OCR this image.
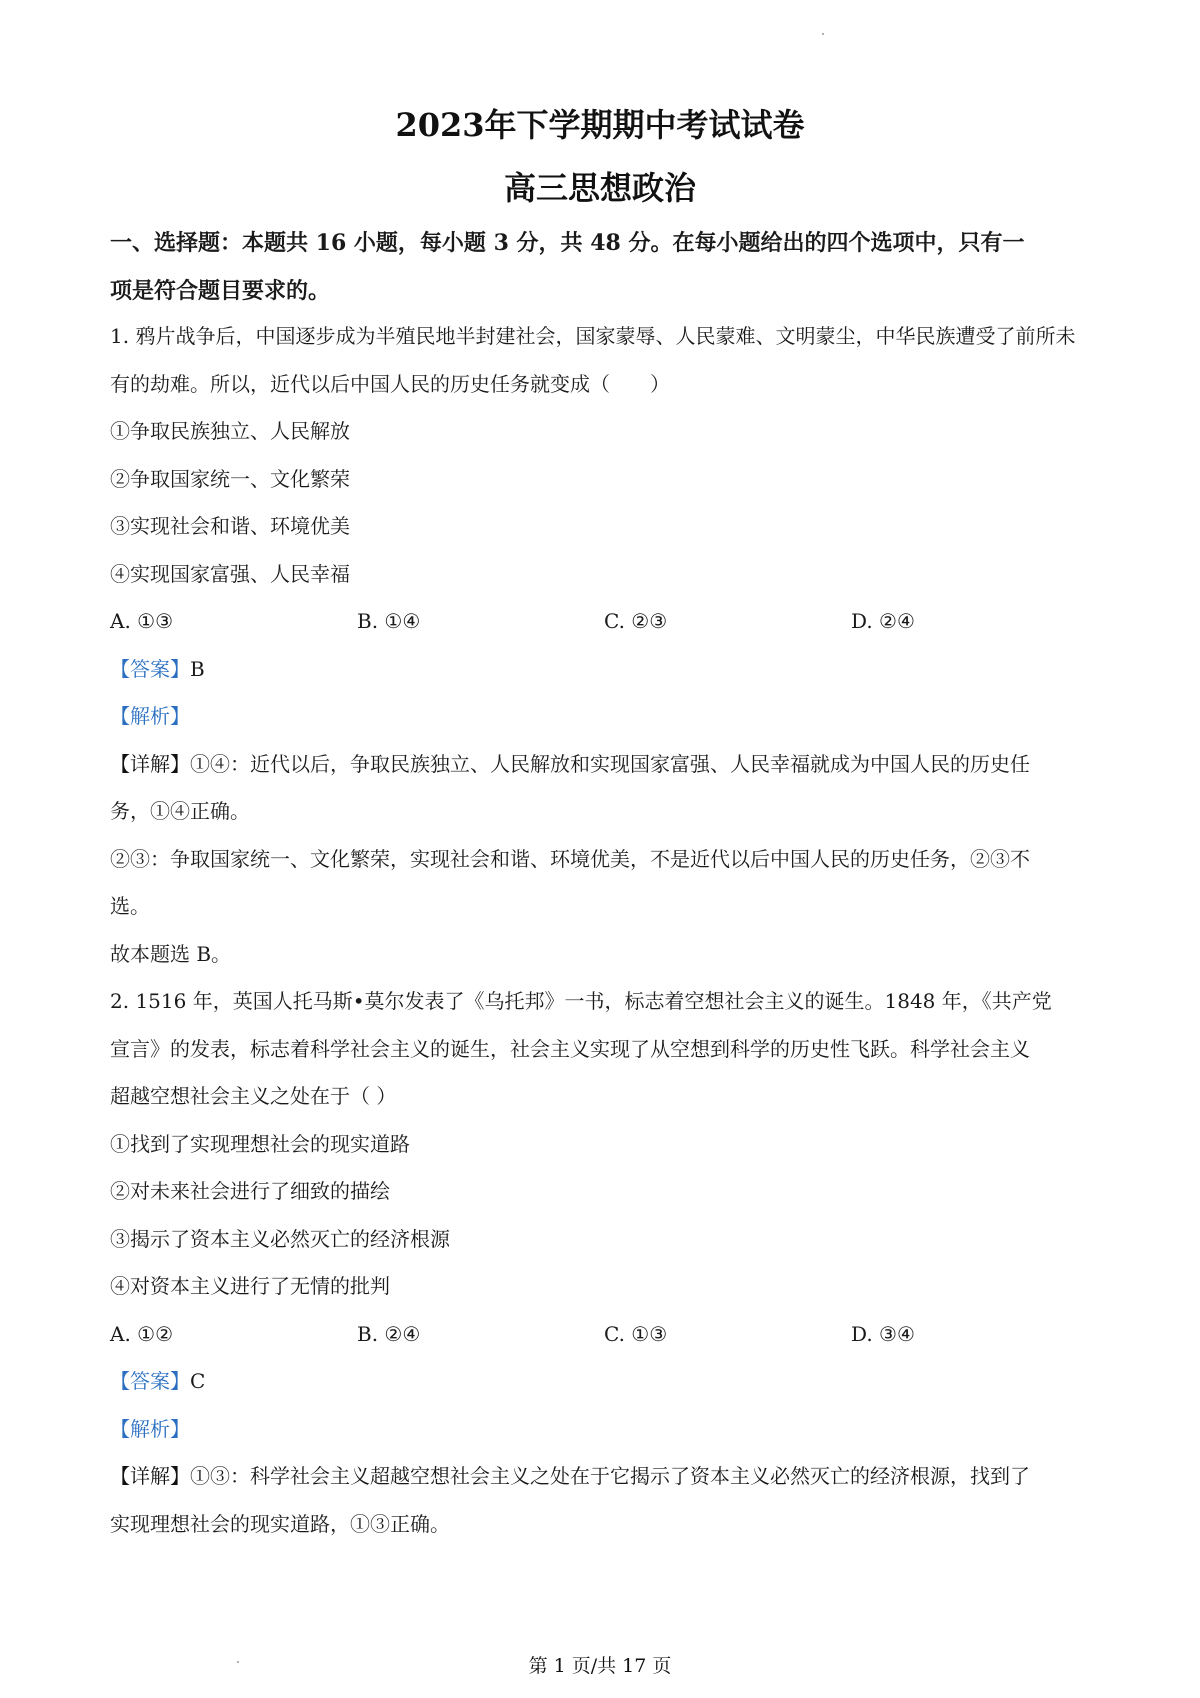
2023年下学期期中考试试卷
高三思想政治
一、选择题：本题共 16 小题，每小题 3 分，共 48 分。在每小题给出的四个选项中，只有一
项是符合题目要求的。
1. 鸦片战争后，中国逐步成为半殖民地半封建社会，国家蒙辱、人民蒙难、文明蒙尘，中华民族遭受了前所未
有的劫难。所以，近代以后中国人民的历史任务就变成（　　）
①争取民族独立、人民解放
②争取国家统一、文化繁荣
③实现社会和谐、环境优美
④实现国家富强、人民幸福
A. ①③	B. ①④	C. ②③	D. ②④
【答案】B
【解析】
【详解】①④：近代以后，争取民族独立、人民解放和实现国家富强、人民幸福就成为中国人民的历史任
务，①④正确。
②③：争取国家统一、文化繁荣，实现社会和谐、环境优美，不是近代以后中国人民的历史任务，②③不
选。
故本题选 B。
2. 1516 年，英国人托马斯•莫尔发表了《乌托邦》一书，标志着空想社会主义的诞生。1848 年，《共产党
宣言》的发表，标志着科学社会主义的诞生，社会主义实现了从空想到科学的历史性飞跃。科学社会主义
超越空想社会主义之处在于（ ）
①找到了实现理想社会的现实道路
②对未来社会进行了细致的描绘
③揭示了资本主义必然灭亡的经济根源
④对资本主义进行了无情的批判
A. ①②	B. ②④	C. ①③	D. ③④
【答案】C
【解析】
【详解】①③：科学社会主义超越空想社会主义之处在于它揭示了资本主义必然灭亡的经济根源，找到了
实现理想社会的现实道路，①③正确。
第 1 页/共 17 页
